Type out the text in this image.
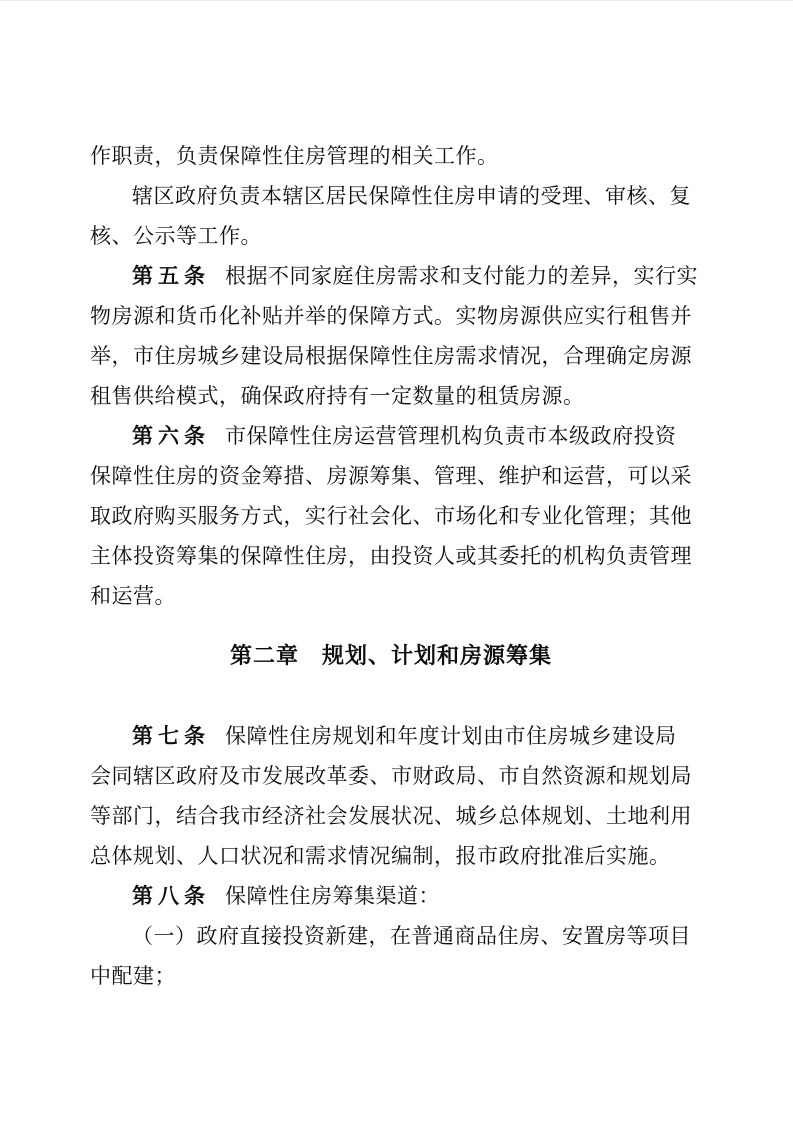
作职责，负责保障性住房管理的相关工作。
辖区政府负责本辖区居民保障性住房申请的受理、审核、复
核、公示等工作。
第五条 根据不同家庭住房需求和支付能力的差异，实行实
物房源和货币化补贴并举的保障方式。实物房源供应实行租售并
举，市住房城乡建设局根据保障性住房需求情况，合理确定房源
租售供给模式，确保政府持有一定数量的租赁房源。
第六条 市保障性住房运营管理机构负责市本级政府投资
保障性住房的资金筹措、房源筹集、管理、维护和运营，可以采
取政府购买服务方式，实行社会化、市场化和专业化管理；其他
主体投资筹集的保障性住房，由投资人或其委托的机构负责管理
和运营。
第二章　规划、计划和房源筹集
第七条 保障性住房规划和年度计划由市住房城乡建设局
会同辖区政府及市发展改革委、市财政局、市自然资源和规划局
等部门，结合我市经济社会发展状况、城乡总体规划、土地利用
总体规划、人口状况和需求情况编制，报市政府批准后实施。
第八条 保障性住房筹集渠道：
（一）政府直接投资新建，在普通商品住房、安置房等项目
中配建；
